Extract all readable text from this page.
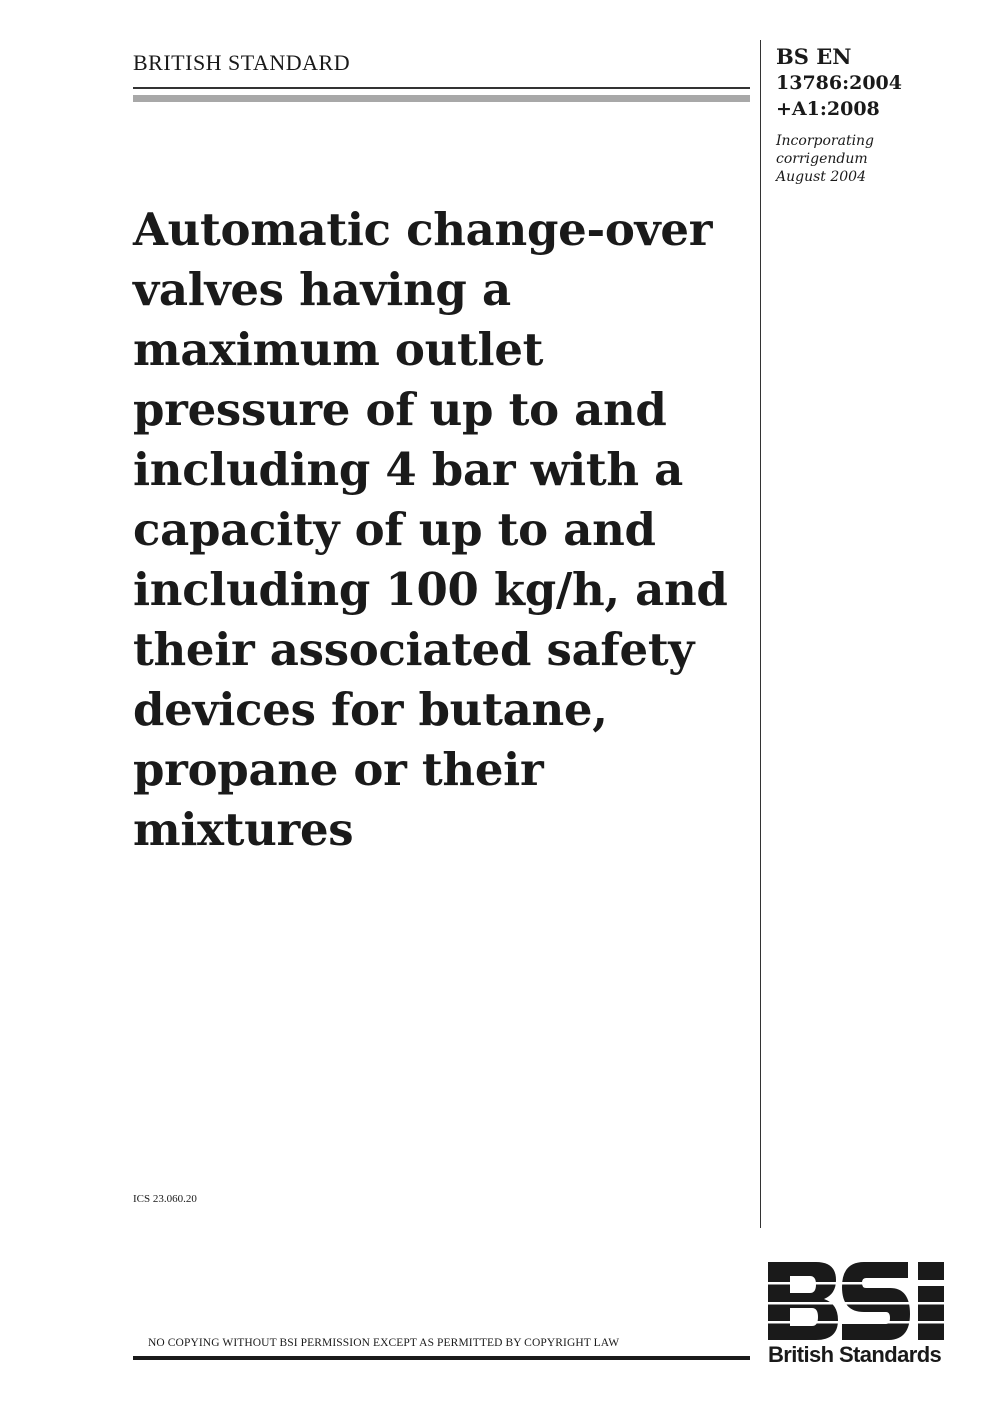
BRITISH STANDARD	BS EN
13786:2004
+A1:2008
Incorporating
corrigendum
August 2004
Automatic change-over
valves having a
maximum outlet
pressure of up to and
including 4 bar with a
capacity of up to and
including 100 kg/h, and
their associated safety
devices for butane,
propane or their
mixtures
ICS 23.060.20
NO COPYING WITHOUT BSI PERMISSION EXCEPT AS PERMITTED BY COPYRIGHT LAW	British Standards
